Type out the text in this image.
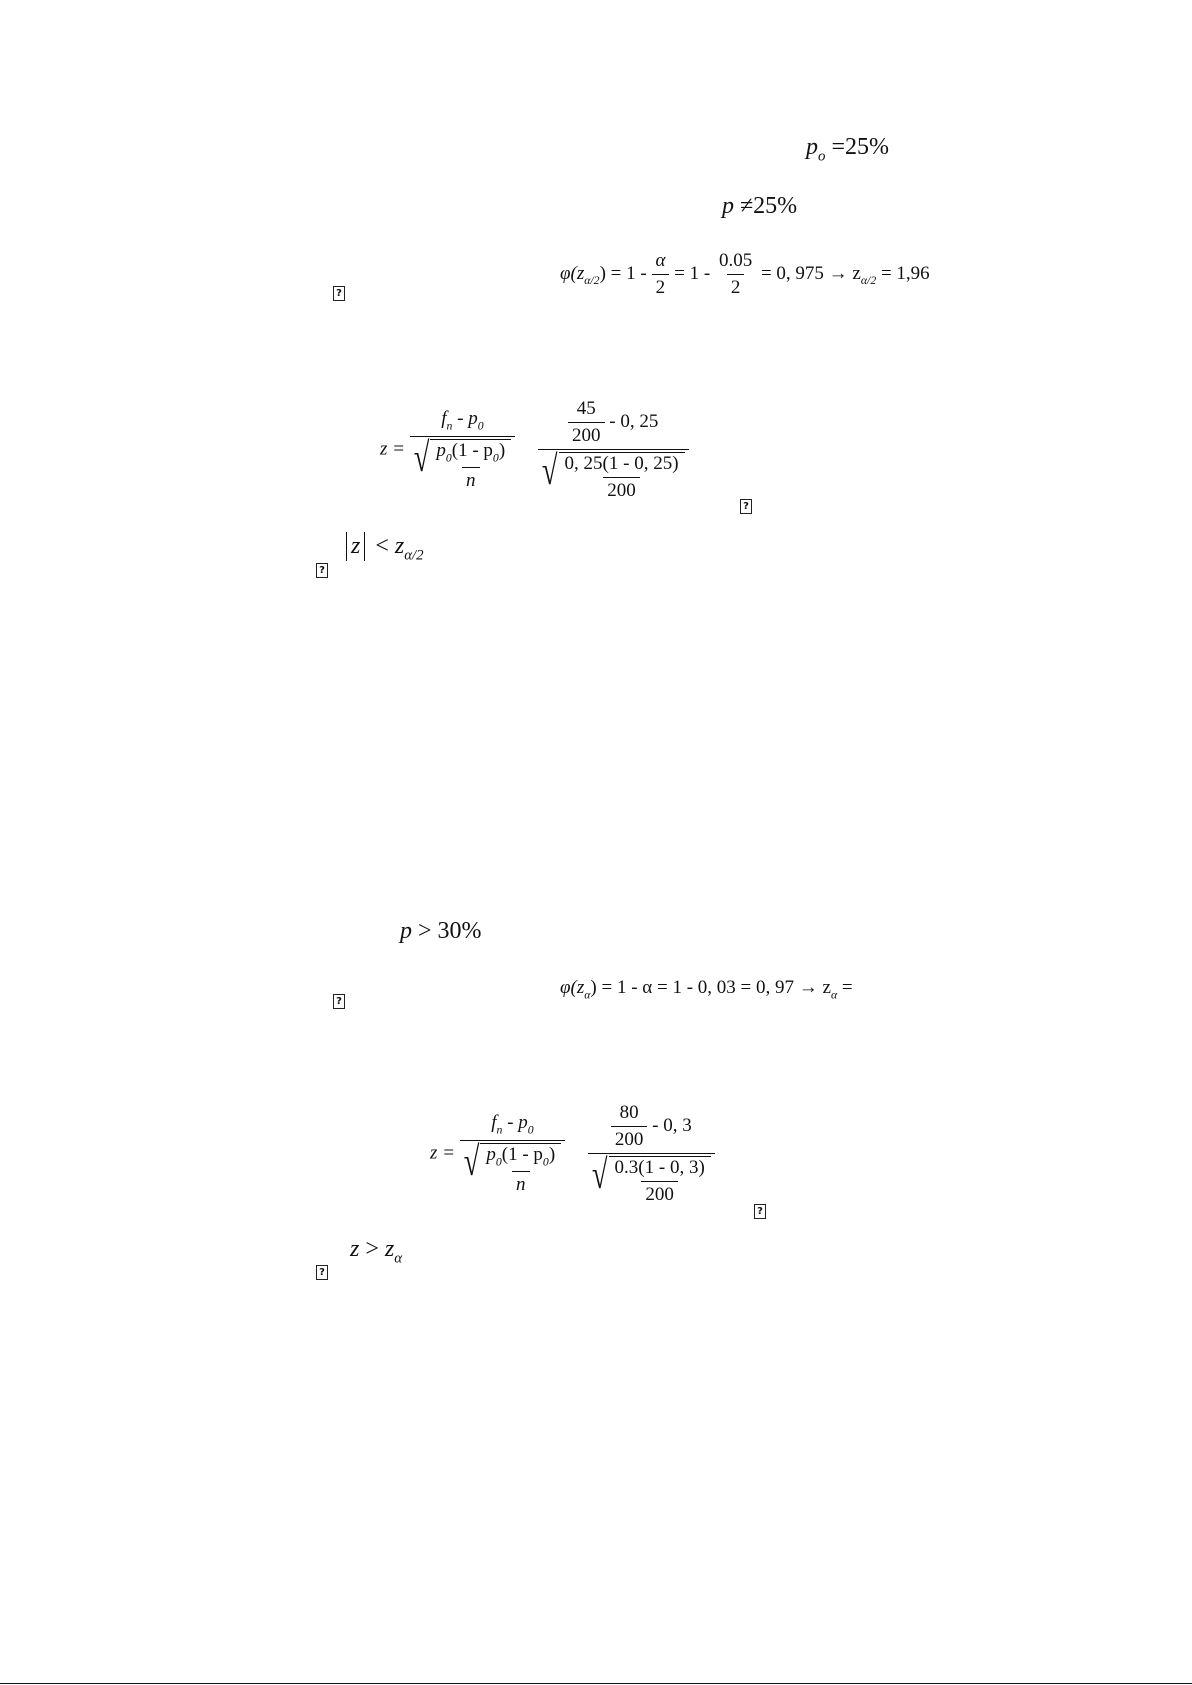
$p_o =25\%$
p ≠25%
$\varphi(z_{\alpha/2}) = 1 - \frac{\alpha}{2} = 1 - \frac{0.05}{2} = 0$, $975 \to z_{\alpha/2} = 1,96$
?
$z = \frac{f_n - p_0}{√ \frac{p_0(1 - p_0)}{n}}$
$\frac{\frac{45}{200} - 0, 25}{√ \frac{0, 25(1 - 0, 25)}{200}}$
?
?
$z < z_{\alpha/2}$
p > 30%
$\varphi(z_\alpha) = 1 - \alpha = 1 - 0$, 03 = 0, $97 \to z_\alpha$ =
?
$z = \frac{f_n - p_0}{√ \frac{p_0(1 - p_0)}{n}}$
$\frac{\frac{80}{200} - 0, 3}{√ \frac{0.3(1 - 0, 3)}{200}}$
?
?
$z > z_\alpha$
